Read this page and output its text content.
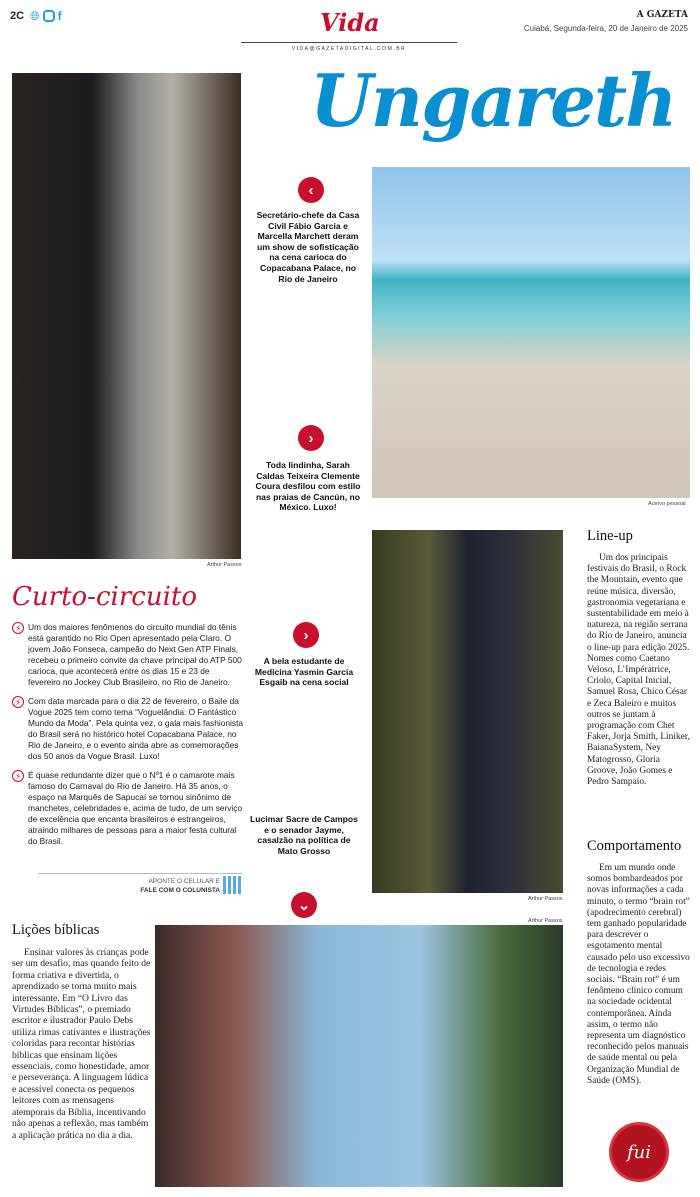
2C 🌐︎ f	Vida
VIDA@GAZETADIGITAL.COM.BR
A GAZETA
Cuiabá, Segunda-feira, 20 de Janeiro de 2025
Ungareth
Arthur Passos
Acervo pessoal
Arthur Passos
Arthur Passos
‹
Secretário-chefe da Casa Civil Fábio Garcia e Marcella Marchett deram um show de sofisticação na cena carioca do Copacabana Palace, no Rio de Janeiro
›
Toda lindinha, Sarah Caldas Teixeira Clemente Coura desfilou com estilo nas praias de Cancún, no México. Luxo!
›
A bela estudante de Medicina Yasmin Garcia Esgaib na cena social
Lucimar Sacre de Campos e o senador Jayme, casalzão na política de Mato Grosso
⌄
Curto-circuito

⚡︎ Um dos maiores fenômenos do circuito mundial do tênis está garantido no Rio Open apresentado pela Claro. O jovem João Fonseca, campeão do Next Gen ATP Finals, recebeu o primeiro convite da chave principal do ATP 500 carioca, que acontecerá entre os dias 15 e 23 de fevereiro no Jockey Club Brasileiro, no Rio de Janeiro.

⚡︎ Com data marcada para o dia 22 de fevereiro, o Baile da Vogue 2025 tem como tema “Voguelândia: O Fantástico Mundo da Moda”. Pela quinta vez, o gala mais fashionista do Brasil será no histórico hotel Copacabana Palace, no Rio de Janeiro, e o evento ainda abre as comemorações dos 50 anos da Vogue Brasil. Luxo!

⚡︎ É quase redundante dizer que o Nº1 é o camarote mais famoso do Carnaval do Rio de Janeiro. Há 35 anos, o espaço na Marquês de Sapucaí se tornou sinônimo de manchetes, celebridades e, acima de tudo, de um serviço de excelência que encanta brasileiros e estrangeiros, atraindo milhares de pessoas para a maior festa cultural do Brasil.

APONTE O CELULAR E
FALE COM O COLUNISTA
Lições bíblicas
Ensinar valores às crianças pode ser um desafio, mas quando feito de forma criativa e divertida, o aprendizado se torna muito mais interessante. Em “O Livro das Virtudes Bíblicas”, o premiado escritor e ilustrador Paulo Debs utiliza rimas cativantes e ilustrações coloridas para recontar histórias bíblicas que ensinam lições essenciais, como honestidade, amor e perseverança. A linguagem lúdica e acessível conecta os pequenos leitores com as mensagens atemporais da Bíblia, incentivando não apenas a reflexão, mas também a aplicação prática no dia a dia.
Line-up
Um dos principais festivais do Brasil, o Rock the Mountain, evento que reúne música, diversão, gastronomia vegetariana e sustentabilidade em meio à natureza, na região serrana do Rio de Janeiro, anuncia o line-up para edição 2025. Nomes como Caetano Veloso, L’Impératrice, Criolo, Capital Inicial, Samuel Rosa, Chico César e Zeca Baleiro e muitos outros se juntam à programação com Chet Faker, Jorja Smith, Liniker, BaianaSystem, Ney Matogrosso, Gloria Groove, João Gomes e Pedro Sampaio.
Comportamento
Em um mundo onde somos bombardeados por novas informações a cada minuto, o termo “brain rot” (apodrecimento cerebral) tem ganhado popularidade para descrever o esgotamento mental causado pelo uso excessivo de tecnologia e redes sociais. “Brain rot” é um fenômeno clínico comum na sociedade ocidental contemporânea. Ainda assim, o termo não representa um diagnóstico reconhecido pelos manuais de saúde mental ou pela Organização Mundial de Saúde (OMS).
fui
